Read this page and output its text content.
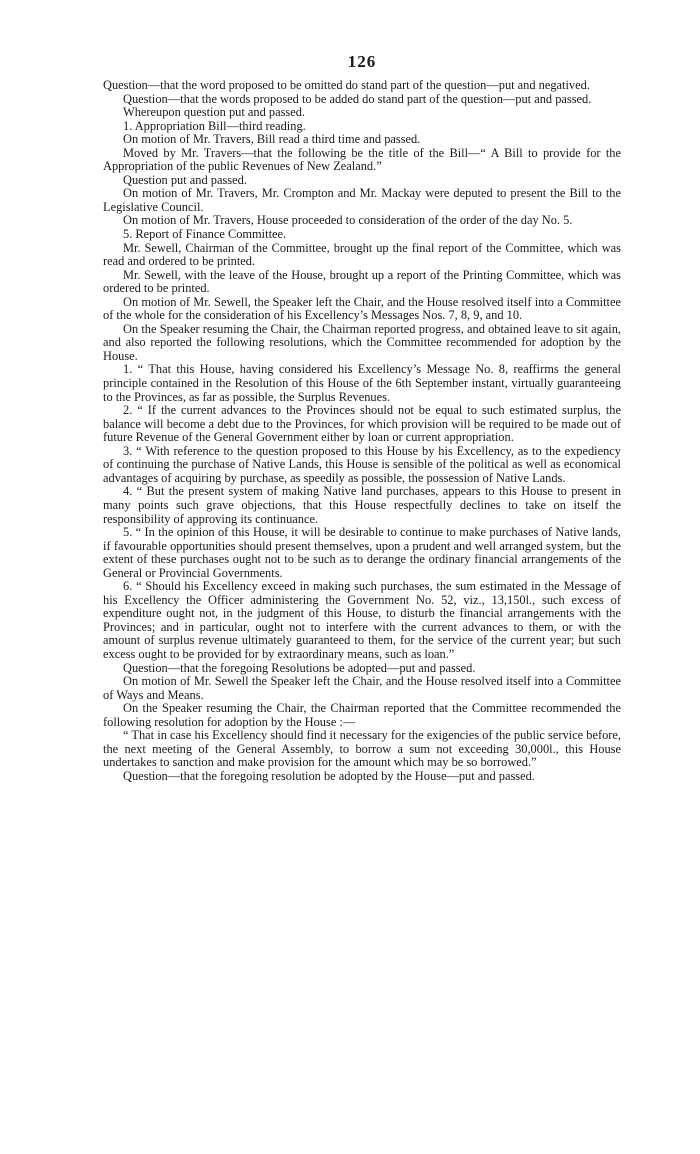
126

Question—that the word proposed to be omitted do stand part of the question—put and negatived.

Question—that the words proposed to be added do stand part of the question—put and passed.

Whereupon question put and passed.

1. Appropriation Bill—third reading.

On motion of Mr. Travers, Bill read a third time and passed.

Moved by Mr. Travers—that the following be the title of the Bill—“ A Bill to provide for the Appropriation of the public Revenues of New Zealand.”

Question put and passed.

On motion of Mr. Travers, Mr. Crompton and Mr. Mackay were deputed to present the Bill to the Legislative Council.

On motion of Mr. Travers, House proceeded to consideration of the order of the day No. 5.

5. Report of Finance Committee.

Mr. Sewell, Chairman of the Committee, brought up the final report of the Committee, which was read and ordered to be printed.

Mr. Sewell, with the leave of the House, brought up a report of the Printing Committee, which was ordered to be printed.

On motion of Mr. Sewell, the Speaker left the Chair, and the House resolved itself into a Committee of the whole for the consideration of his Excellency’s Messages Nos. 7, 8, 9, and 10.

On the Speaker resuming the Chair, the Chairman reported progress, and obtained leave to sit again, and also reported the following resolutions, which the Committee recommended for adoption by the House.

1. “ That this House, having considered his Excellency’s Message No. 8, reaffirms the general principle contained in the Resolution of this House of the 6th September instant, virtually guaranteeing to the Provinces, as far as possible, the Surplus Revenues.

2. “ If the current advances to the Provinces should not be equal to such estimated surplus, the balance will become a debt due to the Provinces, for which provision will be required to be made out of future Revenue of the General Government either by loan or current appropriation.

3. “ With reference to the question proposed to this House by his Excellency, as to the expediency of continuing the purchase of Native Lands, this House is sensible of the political as well as economical advantages of acquiring by purchase, as speedily as possible, the possession of Native Lands.

4. “ But the present system of making Native land purchases, appears to this House to present in many points such grave objections, that this House respectfully declines to take on itself the responsibility of approving its continuance.

5. “ In the opinion of this House, it will be desirable to continue to make purchases of Native lands, if favourable opportunities should present themselves, upon a prudent and well arranged system, but the extent of these purchases ought not to be such as to derange the ordinary financial arrangements of the General or Provincial Governments.

6. “ Should his Excellency exceed in making such purchases, the sum estimated in the Message of his Excellency the Officer administering the Government No. 52, viz., 13,150l., such excess of expenditure ought not, in the judgment of this House, to disturb the financial arrangements with the Provinces; and in particular, ought not to interfere with the current advances to them, or with the amount of surplus revenue ultimately guaranteed to them, for the service of the current year; but such excess ought to be provided for by extraordinary means, such as loan.”

Question—that the foregoing Resolutions be adopted—put and passed.

On motion of Mr. Sewell the Speaker left the Chair, and the House resolved itself into a Committee of Ways and Means.

On the Speaker resuming the Chair, the Chairman reported that the Committee recommended the following resolution for adoption by the House :—

“ That in case his Excellency should find it necessary for the exigencies of the public service before, the next meeting of the General Assembly, to borrow a sum not exceeding 30,000l., this House undertakes to sanction and make provision for the amount which may be so borrowed.”

Question—that the foregoing resolution be adopted by the House—put and passed.
